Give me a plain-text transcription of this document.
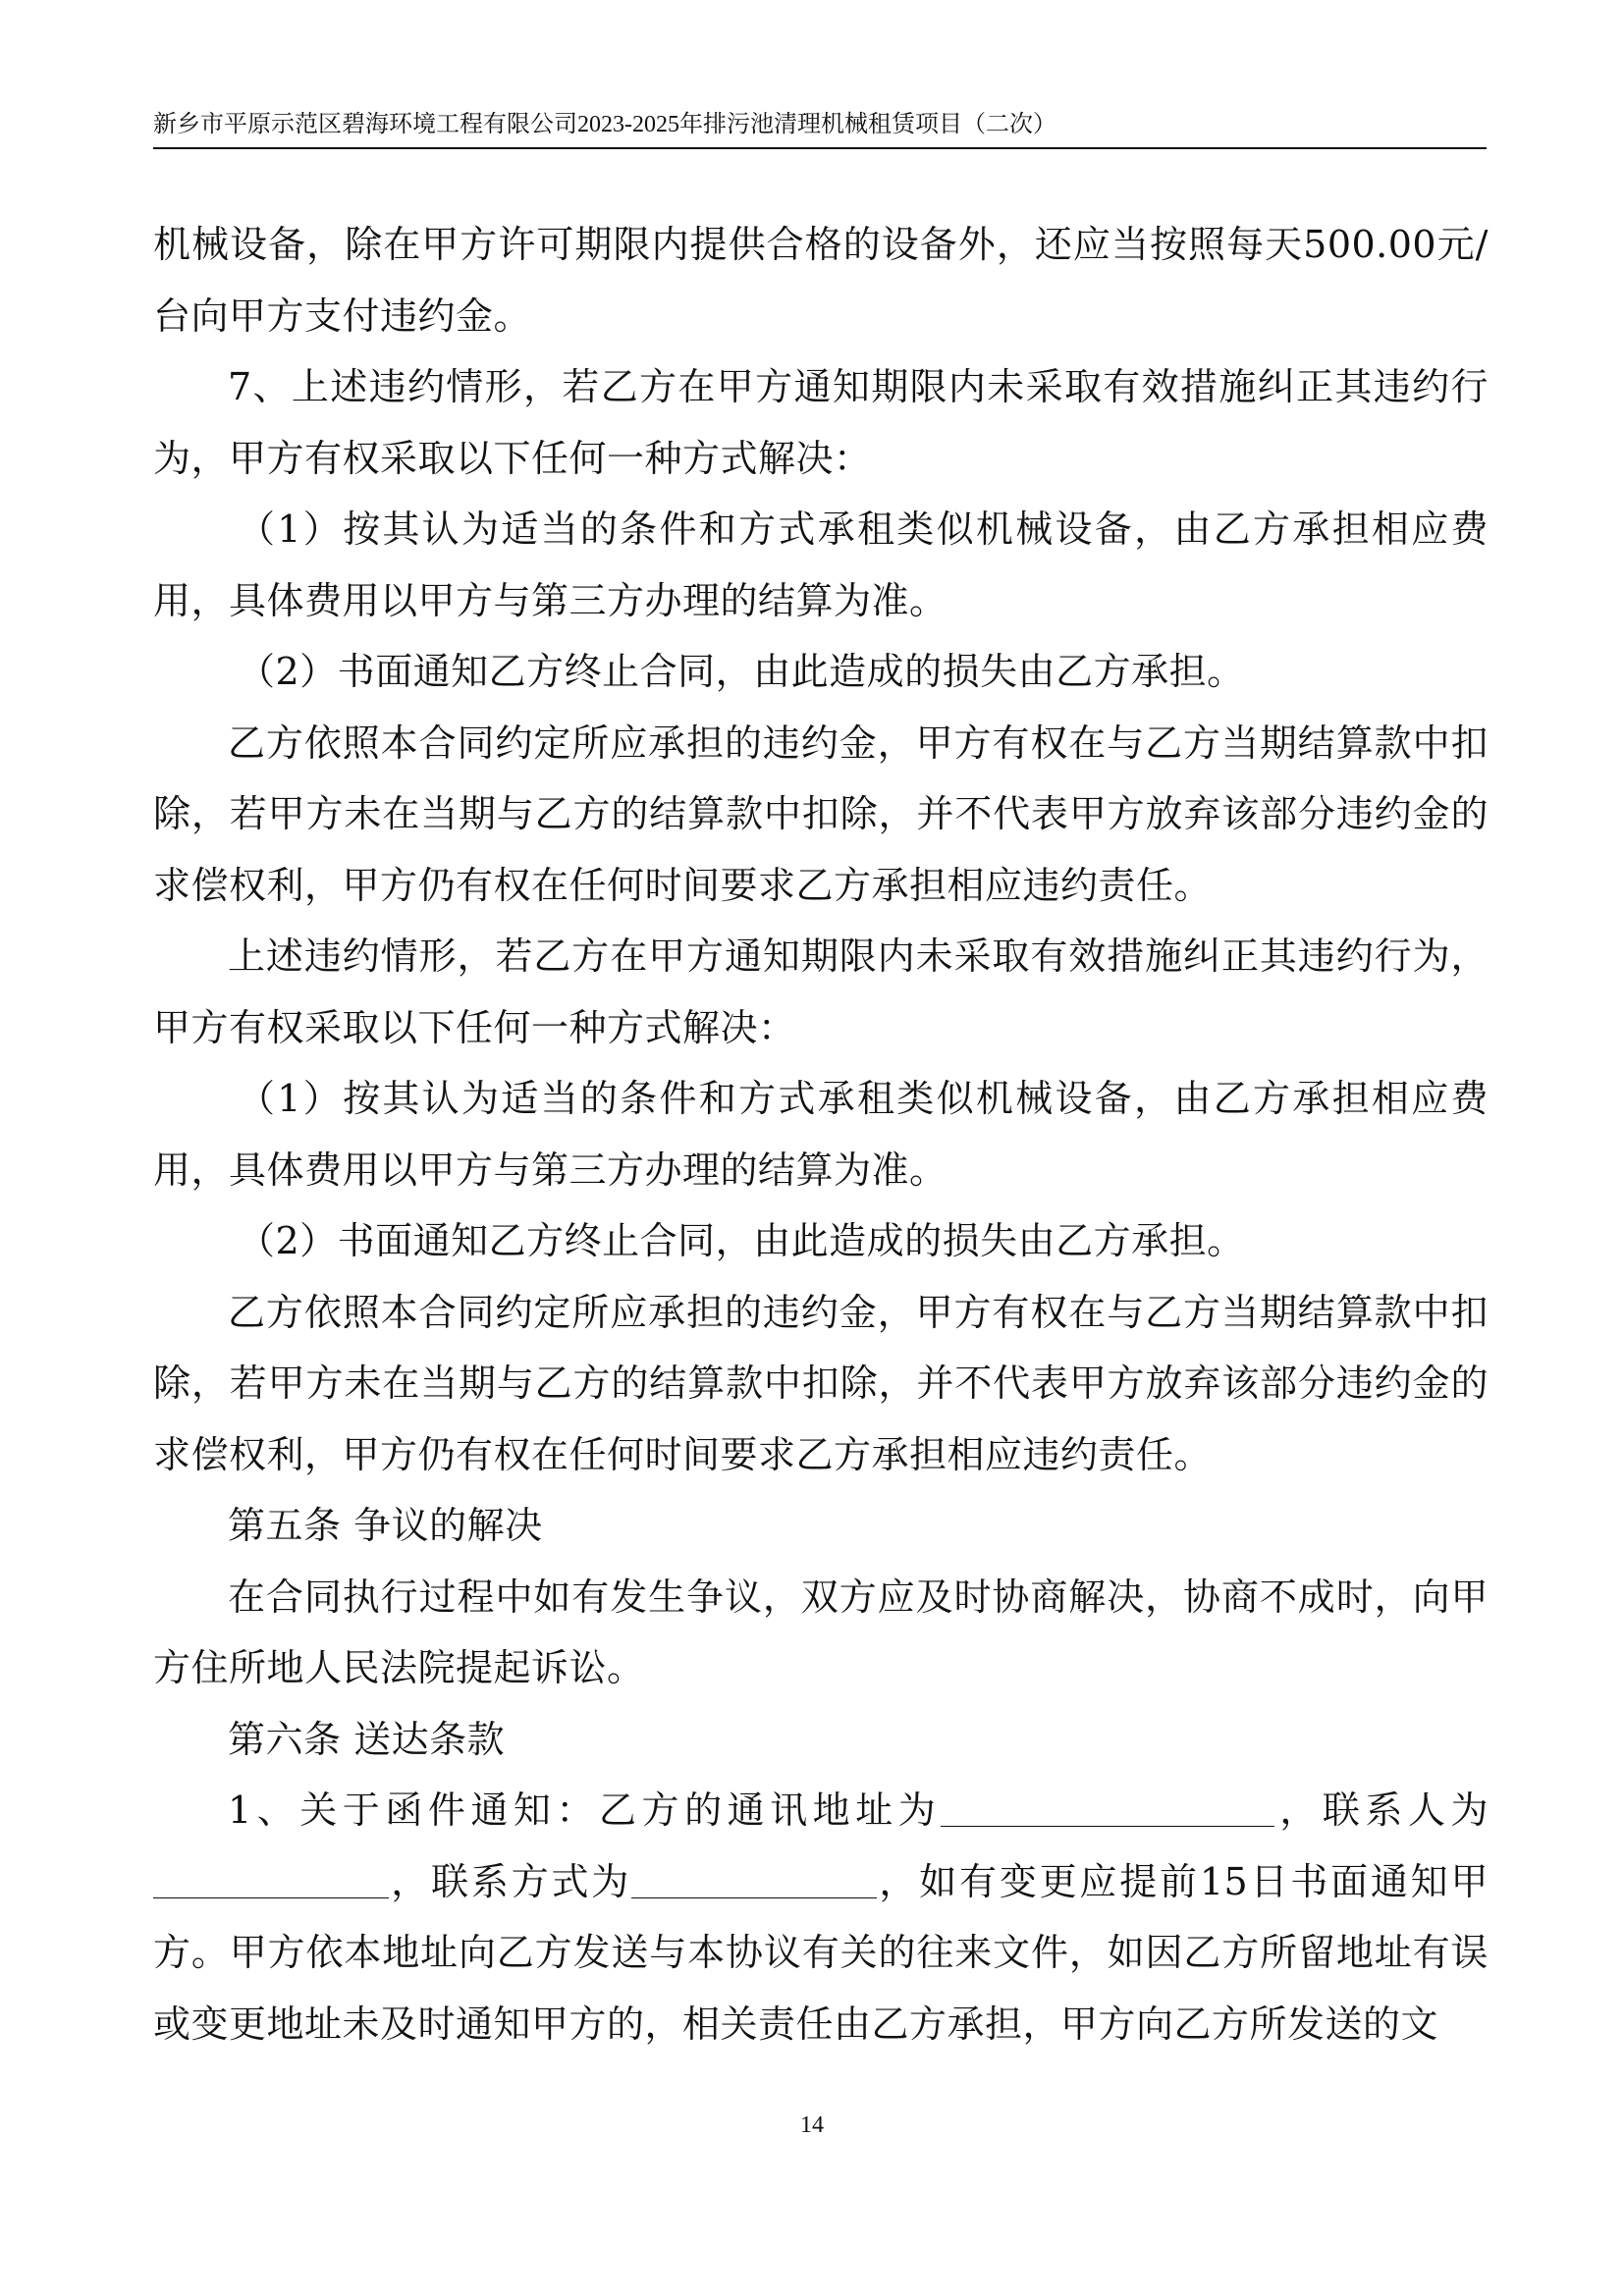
新乡市平原示范区碧海环境工程有限公司2023-2025年排污池清理机械租赁项目（二次）

机械设备，除在甲方许可期限内提供合格的设备外，还应当按照每天500.00元/台向甲方支付违约金。

7、上述违约情形，若乙方在甲方通知期限内未采取有效措施纠正其违约行为，甲方有权采取以下任何一种方式解决：

（1）按其认为适当的条件和方式承租类似机械设备，由乙方承担相应费用，具体费用以甲方与第三方办理的结算为准。

（2）书面通知乙方终止合同，由此造成的损失由乙方承担。

乙方依照本合同约定所应承担的违约金，甲方有权在与乙方当期结算款中扣除，若甲方未在当期与乙方的结算款中扣除，并不代表甲方放弃该部分违约金的求偿权利，甲方仍有权在任何时间要求乙方承担相应违约责任。

上述违约情形，若乙方在甲方通知期限内未采取有效措施纠正其违约行为，甲方有权采取以下任何一种方式解决：

（1）按其认为适当的条件和方式承租类似机械设备，由乙方承担相应费用，具体费用以甲方与第三方办理的结算为准。

（2）书面通知乙方终止合同，由此造成的损失由乙方承担。

乙方依照本合同约定所应承担的违约金，甲方有权在与乙方当期结算款中扣除，若甲方未在当期与乙方的结算款中扣除，并不代表甲方放弃该部分违约金的求偿权利，甲方仍有权在任何时间要求乙方承担相应违约责任。

第五条 争议的解决

在合同执行过程中如有发生争议，双方应及时协商解决，协商不成时，向甲方住所地人民法院提起诉讼。

第六条 送达条款

1、关于函件通知：乙方的通讯地址为	，联系人为，联系方式为	，如有变更应提前15日书面通知甲方。甲方依本地址向乙方发送与本协议有关的往来文件，如因乙方所留地址有误或变更地址未及时通知甲方的，相关责任由乙方承担，甲方向乙方所发送的文

14
